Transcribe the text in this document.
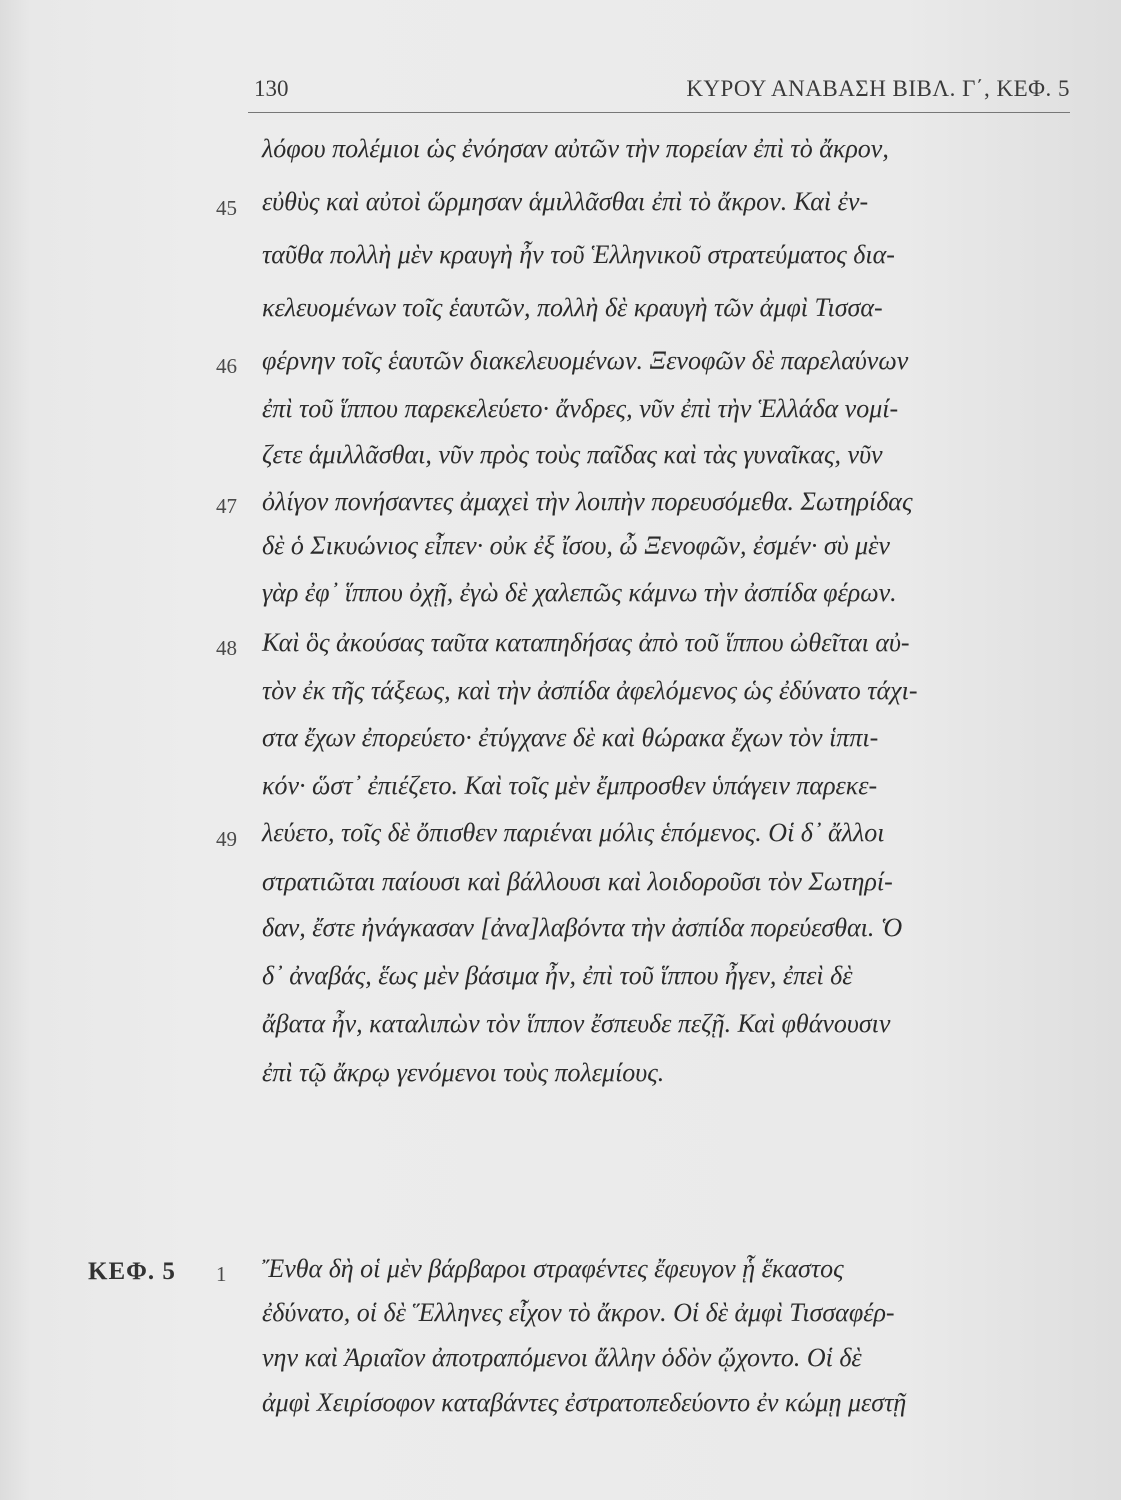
130	ΚΥΡΟΥ ΑΝΑΒΑΣΗ ΒΙΒΛ. Γ΄, ΚΕΦ. 5
λόφου πολέμιοι ὡς ἐνόησαν αὐτῶν τὴν πορείαν ἐπὶ τὸ ἄκρον,
εὐθὺς καὶ αὐτοὶ ὥρμησαν ἁμιλλᾶσθαι ἐπὶ τὸ ἄκρον. Καὶ ἐν-
ταῦθα πολλὴ μὲν κραυγὴ ἦν τοῦ Ἑλληνικοῦ στρατεύματος δια-
κελευομένων τοῖς ἑαυτῶν, πολλὴ δὲ κραυγὴ τῶν ἀμφὶ Τισσα-
φέρνην τοῖς ἑαυτῶν διακελευομένων. Ξενοφῶν δὲ παρελαύνων
ἐπὶ τοῦ ἵππου παρεκελεύετο· ἄνδρες, νῦν ἐπὶ τὴν Ἑλλάδα νομί-
ζετε ἁμιλλᾶσθαι, νῦν πρὸς τοὺς παῖδας καὶ τὰς γυναῖκας, νῦν
ὀλίγον πονήσαντες ἀμαχεὶ τὴν λοιπὴν πορευσόμεθα. Σωτηρίδας
δὲ ὁ Σικυώνιος εἶπεν· οὐκ ἐξ ἴσου, ὦ Ξενοφῶν, ἐσμέν· σὺ μὲν
γὰρ ἐφ᾽ ἵππου ὀχῇ, ἐγὼ δὲ χαλεπῶς κάμνω τὴν ἀσπίδα φέρων.
Καὶ ὃς ἀκούσας ταῦτα καταπηδήσας ἀπὸ τοῦ ἵππου ὠθεῖται αὐ-
τὸν ἐκ τῆς τάξεως, καὶ τὴν ἀσπίδα ἀφελόμενος ὡς ἐδύνατο τάχι-
στα ἔχων ἐπορεύετο· ἐτύγχανε δὲ καὶ θώρακα ἔχων τὸν ἱππι-
κόν· ὥστ᾽ ἐπιέζετο. Καὶ τοῖς μὲν ἔμπροσθεν ὑπάγειν παρεκε-
λεύετο, τοῖς δὲ ὄπισθεν παριέναι μόλις ἑπόμενος. Οἱ δ᾽ ἄλλοι
στρατιῶται παίουσι καὶ βάλλουσι καὶ λοιδοροῦσι τὸν Σωτηρί-
δαν, ἔστε ἠνάγκασαν [ἀνα]λαβόντα τὴν ἀσπίδα πορεύεσθαι. Ὁ
δ᾽ ἀναβάς, ἕως μὲν βάσιμα ἦν, ἐπὶ τοῦ ἵππου ἦγεν, ἐπεὶ δὲ
ἄβατα ἦν, καταλιπὼν τὸν ἵππον ἔσπευδε πεζῇ. Καὶ φθάνουσιν
ἐπὶ τῷ ἄκρῳ γενόμενοι τοὺς πολεμίους.
ΚΕΦ. 5	Ἔνθα δὴ οἱ μὲν βάρβαροι στραφέντες ἔφευγον ᾗ ἕκαστος
ἐδύνατο, οἱ δὲ Ἕλληνες εἶχον τὸ ἄκρον. Οἱ δὲ ἀμφὶ Τισσαφέρ-
νην καὶ Ἀριαῖον ἀποτραπόμενοι ἄλλην ὁδὸν ᾤχοντο. Οἱ δὲ
ἀμφὶ Χειρίσοφον καταβάντες ἐστρατοπεδεύοντο ἐν κώμῃ μεστῇ
45
46
47
48
49
1
